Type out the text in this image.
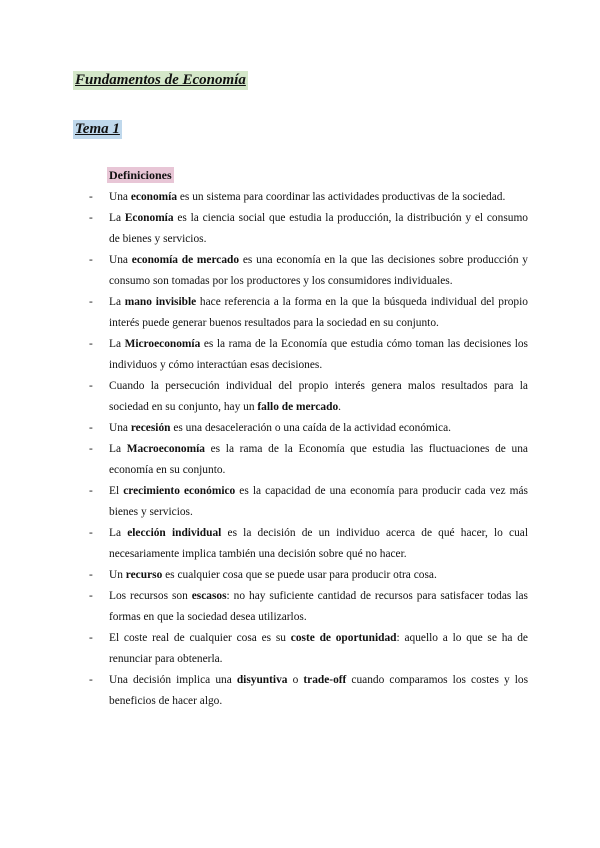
Fundamentos de Economía
Tema 1
Definiciones
- Una economía es un sistema para coordinar las actividades productivas de la sociedad.
- La Economía es la ciencia social que estudia la producción, la distribución y el consumo de bienes y servicios.
- Una economía de mercado es una economía en la que las decisiones sobre producción y consumo son tomadas por los productores y los consumidores individuales.
- La mano invisible hace referencia a la forma en la que la búsqueda individual del propio interés puede generar buenos resultados para la sociedad en su conjunto.
- La Microeconomía es la rama de la Economía que estudia cómo toman las decisiones los individuos y cómo interactúan esas decisiones.
- Cuando la persecución individual del propio interés genera malos resultados para la sociedad en su conjunto, hay un fallo de mercado.
- Una recesión es una desaceleración o una caída de la actividad económica.
- La Macroeconomía es la rama de la Economía que estudia las fluctuaciones de una economía en su conjunto.
- El crecimiento económico es la capacidad de una economía para producir cada vez más bienes y servicios.
- La elección individual es la decisión de un individuo acerca de qué hacer, lo cual necesariamente implica también una decisión sobre qué no hacer.
- Un recurso es cualquier cosa que se puede usar para producir otra cosa.
- Los recursos son escasos: no hay suficiente cantidad de recursos para satisfacer todas las formas en que la sociedad desea utilizarlos.
- El coste real de cualquier cosa es su coste de oportunidad: aquello a lo que se ha de renunciar para obtenerla.
- Una decisión implica una disyuntiva o trade-off cuando comparamos los costes y los beneficios de hacer algo.
